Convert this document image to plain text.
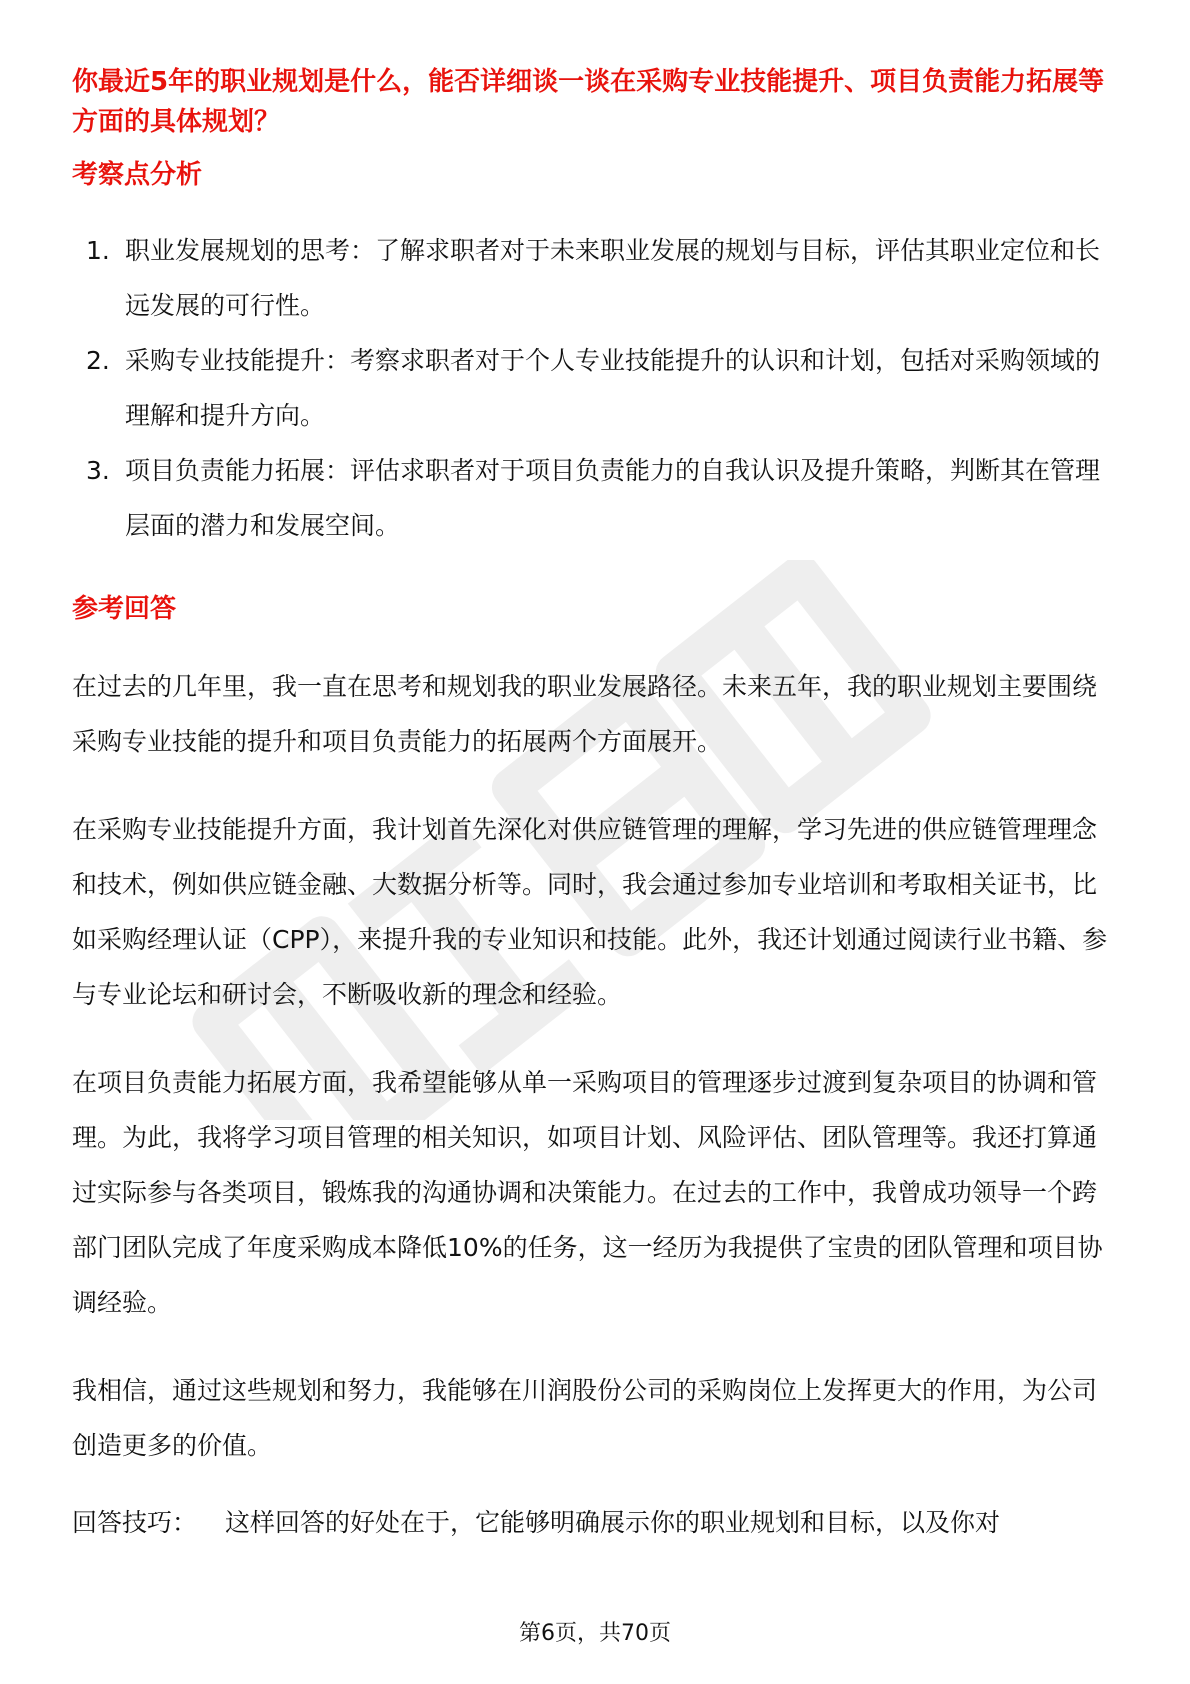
你最近5年的职业规划是什么，能否详细谈一谈在采购专业技能提升、项目负责能力拓展等方面的具体规划？
考察点分析
1. 职业发展规划的思考：了解求职者对于未来职业发展的规划与目标，评估其职业定位和长远发展的可行性。
2. 采购专业技能提升：考察求职者对于个人专业技能提升的认识和计划，包括对采购领域的理解和提升方向。
3. 项目负责能力拓展：评估求职者对于项目负责能力的自我认识及提升策略，判断其在管理层面的潜力和发展空间。
参考回答

在过去的几年里，我一直在思考和规划我的职业发展路径。未来五年，我的职业规划主要围绕采购专业技能的提升和项目负责能力的拓展两个方面展开。

在采购专业技能提升方面，我计划首先深化对供应链管理的理解，学习先进的供应链管理理念和技术，例如供应链金融、大数据分析等。同时，我会通过参加专业培训和考取相关证书，比如采购经理认证（CPP），来提升我的专业知识和技能。此外，我还计划通过阅读行业书籍、参与专业论坛和研讨会，不断吸收新的理念和经验。

在项目负责能力拓展方面，我希望能够从单一采购项目的管理逐步过渡到复杂项目的协调和管理。为此，我将学习项目管理的相关知识，如项目计划、风险评估、团队管理等。我还打算通过实际参与各类项目，锻炼我的沟通协调和决策能力。在过去的工作中，我曾成功领导一个跨部门团队完成了年度采购成本降低10%的任务，这一经历为我提供了宝贵的团队管理和项目协调经验。

我相信，通过这些规划和努力，我能够在川润股份公司的采购岗位上发挥更大的作用，为公司创造更多的价值。

回答技巧： 这样回答的好处在于，它能够明确展示你的职业规划和目标，以及你对

第6页，共70页
